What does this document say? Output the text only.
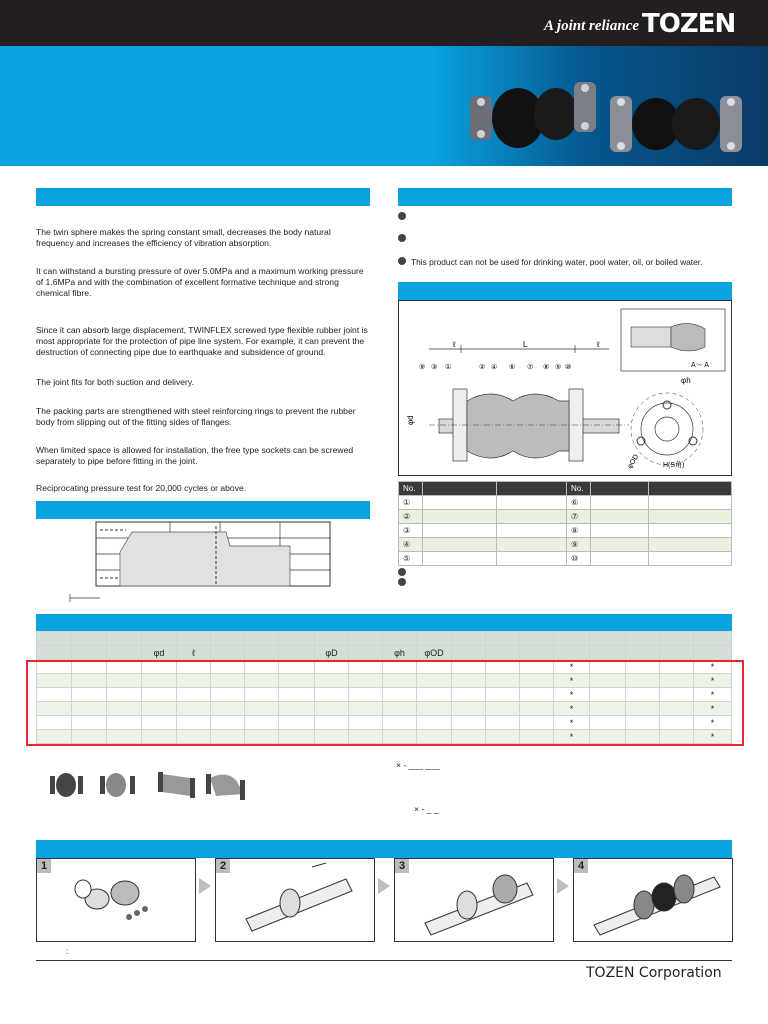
A joint reliance TOZEN
The twin sphere makes the spring constant small, decreases the body natural frequency and increases the efficiency of vibration absorption.
It can withstand a bursting pressure of over 5.0MPa and a maximum working pressure of 1.6MPa and with the combination of excellent formative technique and strong chemical fibre.
Since it can absorb large displacement, TWINFLEX screwed type flexible rubber joint is most appropriate for the protection of pipe line system. For example, it can prevent the destruction of connecting pipe due to earthquake and subsidence of ground.
The joint fits for both suction and delivery.
The packing parts are strengthened with steel reinforcing rings to prevent the rubber body from slipping out of the fitting sides of flanges.
When limited space is allowed for installation, the free type sockets can be screwed separately to pipe before fitting in the joint.
Reciprocating pressure test for 20,000 cycles or above.
This product can not be used for drinking water, pool water, oil, or boiled water.
ℓ	L	ℓ
φd
⑨ ③ ①	② ④ ⑥ ⑦ ⑧ ⑤ ⑩
φh
H(S角)
φOD
A～ A
No.			No.		
①			⑥		
②			⑦		
③			⑧		
④			⑨		
⑤			⑩		

			φd	ℓ				φD		φh	φOD								
															*				*
															*				*
															*				*
															*				*
															*				*
															*				*
× - ___ ___
× - _ _
1	2	3	4
:
TOZEN Corporation
